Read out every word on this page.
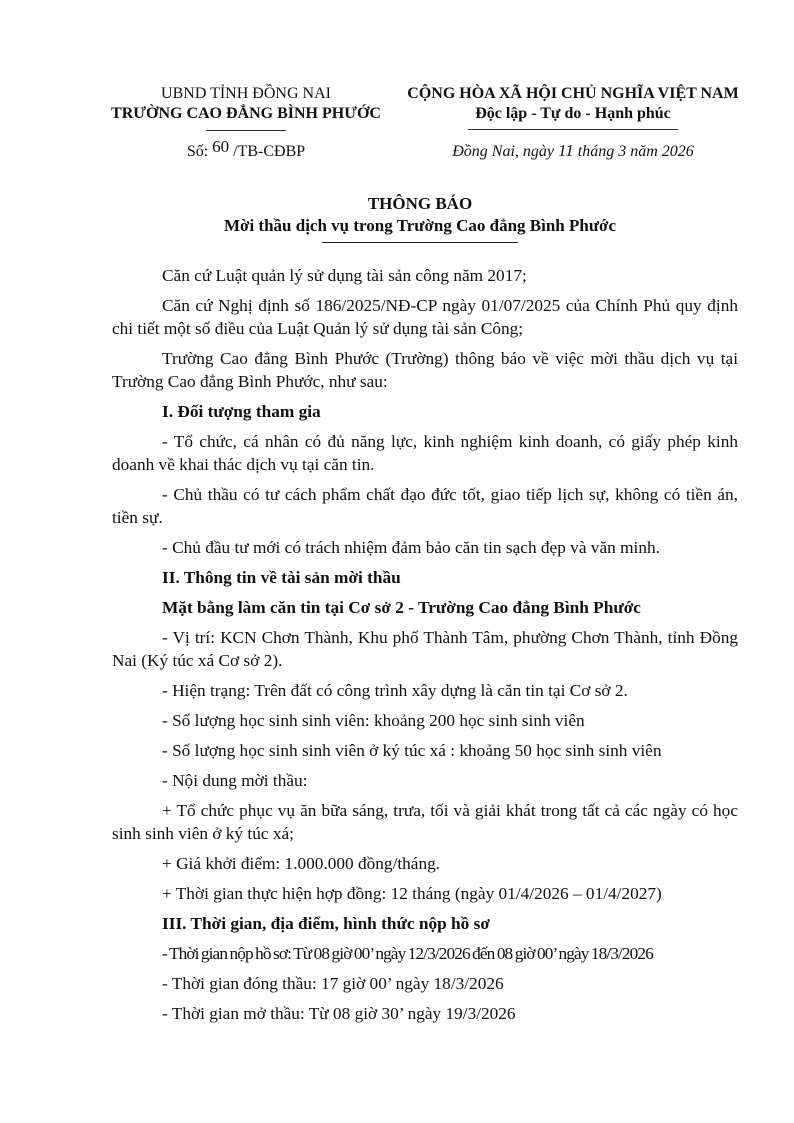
UBND TỈNH ĐỒNG NAI
TRƯỜNG CAO ĐẲNG BÌNH PHƯỚC
Số: 60 /TB-CĐBP
CỘNG HÒA XÃ HỘI CHỦ NGHĨA VIỆT NAM
Độc lập - Tự do - Hạnh phúc
Đồng Nai, ngày 11 tháng 3 năm 2026
THÔNG BÁO
Mời thầu dịch vụ trong Trường Cao đẳng Bình Phước

Căn cứ Luật quản lý sử dụng tài sản công năm 2017;

Căn cứ Nghị định số 186/2025/NĐ-CP ngày 01/07/2025 của Chính Phủ quy định chi tiết một số điều của Luật Quản lý sử dụng tài sản Công;

Trường Cao đẳng Bình Phước (Trường) thông báo về việc mời thầu dịch vụ tại Trường Cao đẳng Bình Phước, như sau:

I. Đối tượng tham gia

- Tổ chức, cá nhân có đủ năng lực, kinh nghiệm kinh doanh, có giấy phép kinh doanh về khai thác dịch vụ tại căn tin.

- Chủ thầu có tư cách phẩm chất đạo đức tốt, giao tiếp lịch sự, không có tiền án, tiền sự.

- Chủ đầu tư mới có trách nhiệm đảm bảo căn tin sạch đẹp và văn minh.

II. Thông tin về tài sản mời thầu

Mặt bằng làm căn tin tại Cơ sở 2 - Trường Cao đẳng Bình Phước

- Vị trí: KCN Chơn Thành, Khu phố Thành Tâm, phường Chơn Thành, tỉnh Đồng Nai (Ký túc xá Cơ sở 2).

- Hiện trạng: Trên đất có công trình xây dựng là căn tin tại Cơ sở 2.

- Số lượng học sinh sinh viên: khoảng 200 học sinh sinh viên

- Số lượng học sinh sinh viên ở ký túc xá : khoảng 50 học sinh sinh viên

- Nội dung mời thầu:

+ Tổ chức phục vụ ăn bữa sáng, trưa, tối và giải khát trong tất cả các ngày có học sinh sinh viên ở ký túc xá;

+ Giá khởi điểm: 1.000.000 đồng/tháng.

+ Thời gian thực hiện hợp đồng: 12 tháng (ngày 01/4/2026 – 01/4/2027)

III. Thời gian, địa điểm, hình thức nộp hồ sơ

- Thời gian nộp hồ sơ: Từ 08 giờ 00’ ngày 12/3/2026 đến 08 giờ 00’ ngày 18/3/2026

- Thời gian đóng thầu: 17 giờ 00’ ngày 18/3/2026

- Thời gian mở thầu: Từ 08 giờ 30’ ngày 19/3/2026
